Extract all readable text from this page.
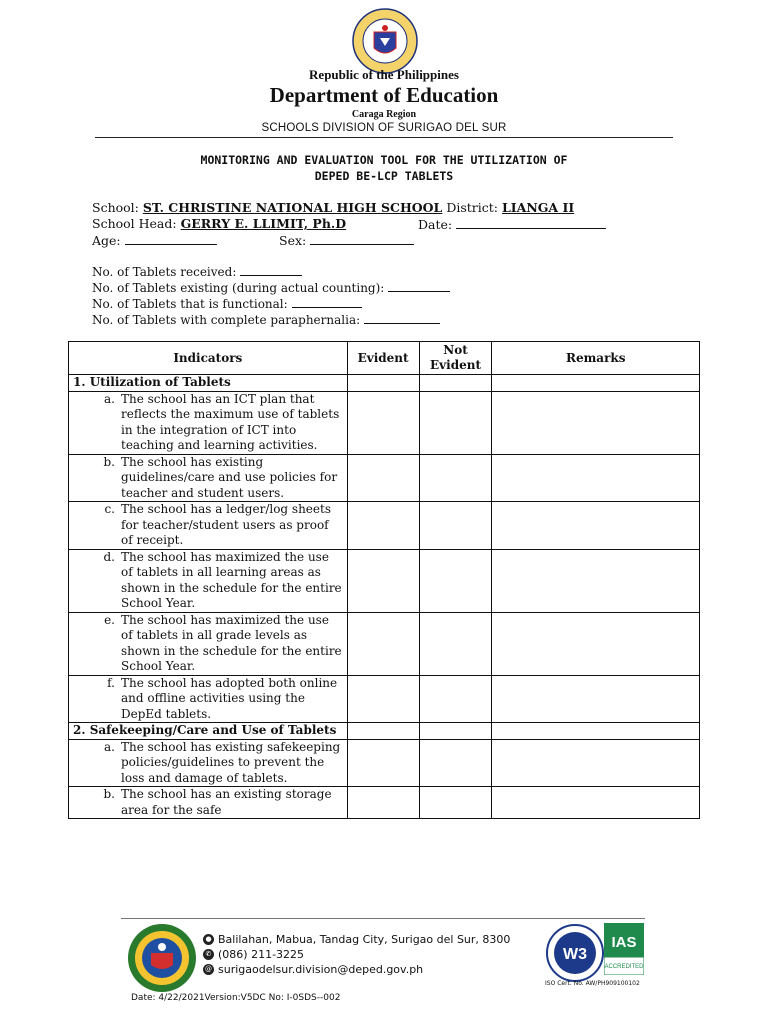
Republic of the Philippines
Department of Education
Caraga Region
SCHOOLS DIVISION OF SURIGAO DEL SUR
MONITORING AND EVALUATION TOOL FOR THE UTILIZATION OF
DEPED BE-LCP TABLETS
School: ST. CHRISTINE NATIONAL HIGH SCHOOL District: LIANGA II
School Head: GERRY E. LLIMIT, Ph.D	Date:
Age:	Sex:
No. of Tablets received:
No. of Tablets existing (during actual counting):
No. of Tablets that is functional:
No. of Tablets with complete paraphernalia:
Indicators	Evident	Not Evident	Remarks
1. Utilization of Tablets			

a. The school has an ICT plan that reflects the maximum use of tablets in the integration of ICT into teaching and learning activities.			

b. The school has existing guidelines/care and use policies for teacher and student users.			

c. The school has a ledger/log sheets for teacher/student users as proof of receipt.			

d. The school has maximized the use of tablets in all learning areas as shown in the schedule for the entire School Year.			

e. The school has maximized the use of tablets in all grade levels as shown in the schedule for the entire School Year.			

f. The school has adopted both online and offline activities using the DepEd tablets.			

2. Safekeeping/Care and Use of Tablets			

a. The school has existing safekeeping policies/guidelines to prevent the loss and damage of tablets.			

b. The school has an existing storage area for the safe			

● Balilahan, Mabua, Tandag City, Surigao del Sur, 8300
✆ (086) 211-3225
@ surigaodelsur.division@deped.gov.ph
W3
IAS
ACCREDITED
ISO Cert. No. AW/PH909100102
Date: 4/22/2021Version:V5DC No: I-0SDS--002
